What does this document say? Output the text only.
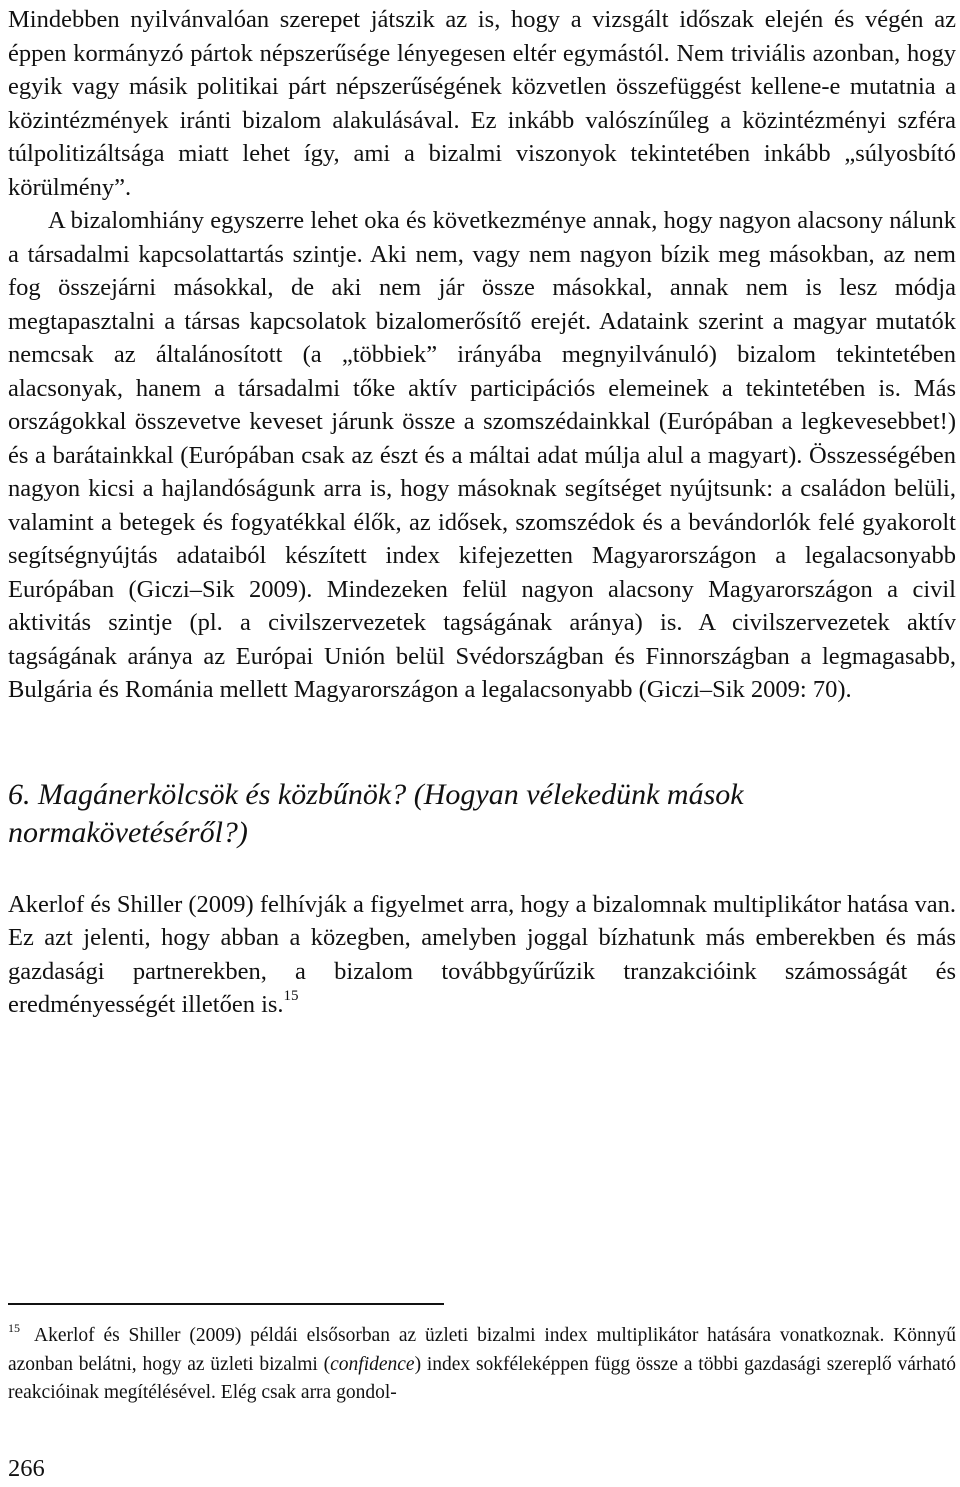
Mindebben nyilvánvalóan szerepet játszik az is, hogy a vizsgált időszak elején és végén az éppen kormányzó pártok népszerűsége lényegesen eltér egymástól. Nem triviális azonban, hogy egyik vagy másik politikai párt népszerűségének közvetlen összefüggést kellene-e mutatnia a közintézmények iránti bizalom alakulásával. Ez inkább valószínűleg a közintézményi szféra túlpolitizáltsága miatt lehet így, ami a bizalmi viszonyok tekintetében inkább „súlyosbító körülmény”.

A bizalomhiány egyszerre lehet oka és következménye annak, hogy nagyon alacsony nálunk a társadalmi kapcsolattartás szintje. Aki nem, vagy nem nagyon bízik meg másokban, az nem fog összejárni másokkal, de aki nem jár össze másokkal, annak nem is lesz módja megtapasztalni a társas kapcsolatok bizalomerősítő erejét. Adataink szerint a magyar mutatók nemcsak az általánosított (a „többiek” irányába megnyilvánuló) bizalom tekintetében alacsonyak, hanem a társadalmi tőke aktív participációs elemeinek a tekintetében is. Más országokkal összevetve keveset járunk össze a szomszédainkkal (Európában a legkevesebbet!) és a barátainkkal (Európában csak az észt és a máltai adat múlja alul a magyart). Összességében nagyon kicsi a hajlandóságunk arra is, hogy másoknak segítséget nyújtsunk: a családon belüli, valamint a betegek és fogyatékkal élők, az idősek, szomszédok és a bevándorlók felé gyakorolt segítségnyújtás adataiból készített index kifejezetten Magyarországon a legalacsonyabb Európában (Giczi–Sik 2009). Mindezeken felül nagyon alacsony Magyarországon a civil aktivitás szintje (pl. a civilszervezetek tagságának aránya) is. A civilszervezetek aktív tagságának aránya az Európai Unión belül Svédországban és Finnországban a legmagasabb, Bulgária és Románia mellett Magyarországon a legalacsonyabb (Giczi–Sik 2009: 70).

6. Magánerkölcsök és közbűnök? (Hogyan vélekedünk mások normakövetéséről?)

Akerlof és Shiller (2009) felhívják a figyelmet arra, hogy a bizalomnak multiplikátor hatása van. Ez azt jelenti, hogy abban a közegben, amelyben joggal bízhatunk más emberekben és más gazdasági partnerekben, a bizalom továbbgyűrűzik tranzakcióink számosságát és eredményességét illetően is.$^{15}$

$^{15}$ Akerlof és Shiller (2009) példái elsősorban az üzleti bizalmi index multiplikátor hatására vonatkoznak. Könnyű azonban belátni, hogy az üzleti bizalmi (confidence) index sokféleképpen függ össze a többi gazdasági szereplő várható reakcióinak megítélésével. Elég csak arra gondol-

266
